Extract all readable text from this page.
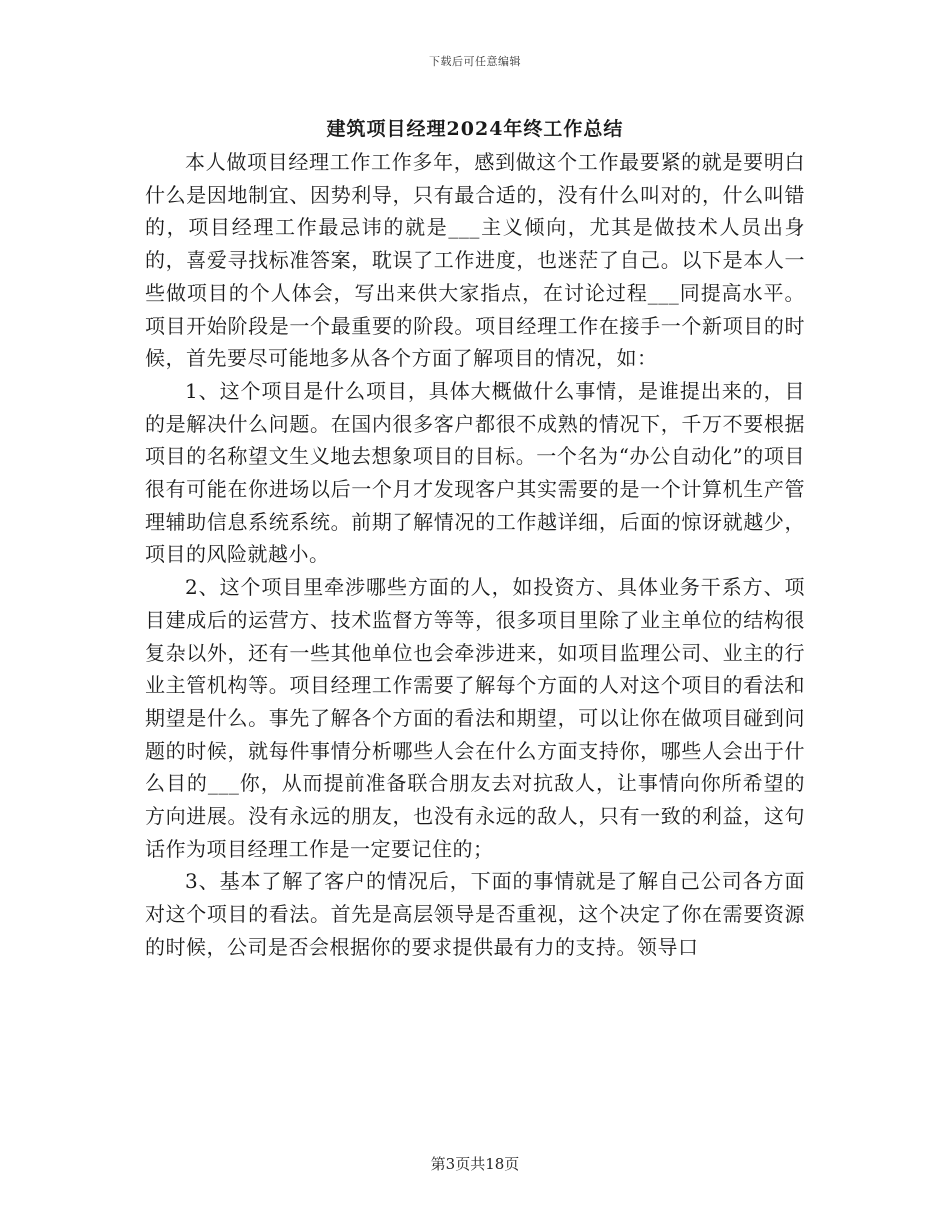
下载后可任意编辑
建筑项目经理2024年终工作总结

本人做项目经理工作工作多年，感到做这个工作最要紧的就是要明白什么是因地制宜、因势利导，只有最合适的，没有什么叫对的，什么叫错的，项目经理工作最忌讳的就是___主义倾向，尤其是做技术人员出身的，喜爱寻找标准答案，耽误了工作进度，也迷茫了自己。以下是本人一些做项目的个人体会，写出来供大家指点，在讨论过程___同提高水平。项目开始阶段是一个最重要的阶段。项目经理工作在接手一个新项目的时候，首先要尽可能地多从各个方面了解项目的情况，如：

1、这个项目是什么项目，具体大概做什么事情，是谁提出来的，目的是解决什么问题。在国内很多客户都很不成熟的情况下，千万不要根据项目的名称望文生义地去想象项目的目标。一个名为“办公自动化”的项目很有可能在你进场以后一个月才发现客户其实需要的是一个计算机生产管理辅助信息系统系统。前期了解情况的工作越详细，后面的惊讶就越少，项目的风险就越小。

2、这个项目里牵涉哪些方面的人，如投资方、具体业务干系方、项目建成后的运营方、技术监督方等等，很多项目里除了业主单位的结构很复杂以外，还有一些其他单位也会牵涉进来，如项目监理公司、业主的行业主管机构等。项目经理工作需要了解每个方面的人对这个项目的看法和期望是什么。事先了解各个方面的看法和期望，可以让你在做项目碰到问题的时候，就每件事情分析哪些人会在什么方面支持你，哪些人会出于什么目的___你，从而提前准备联合朋友去对抗敌人，让事情向你所希望的方向进展。没有永远的朋友，也没有永远的敌人，只有一致的利益，这句话作为项目经理工作是一定要记住的；

3、基本了解了客户的情况后，下面的事情就是了解自己公司各方面对这个项目的看法。首先是高层领导是否重视，这个决定了你在需要资源的时候，公司是否会根据你的要求提供最有力的支持。领导口

第3页共18页
